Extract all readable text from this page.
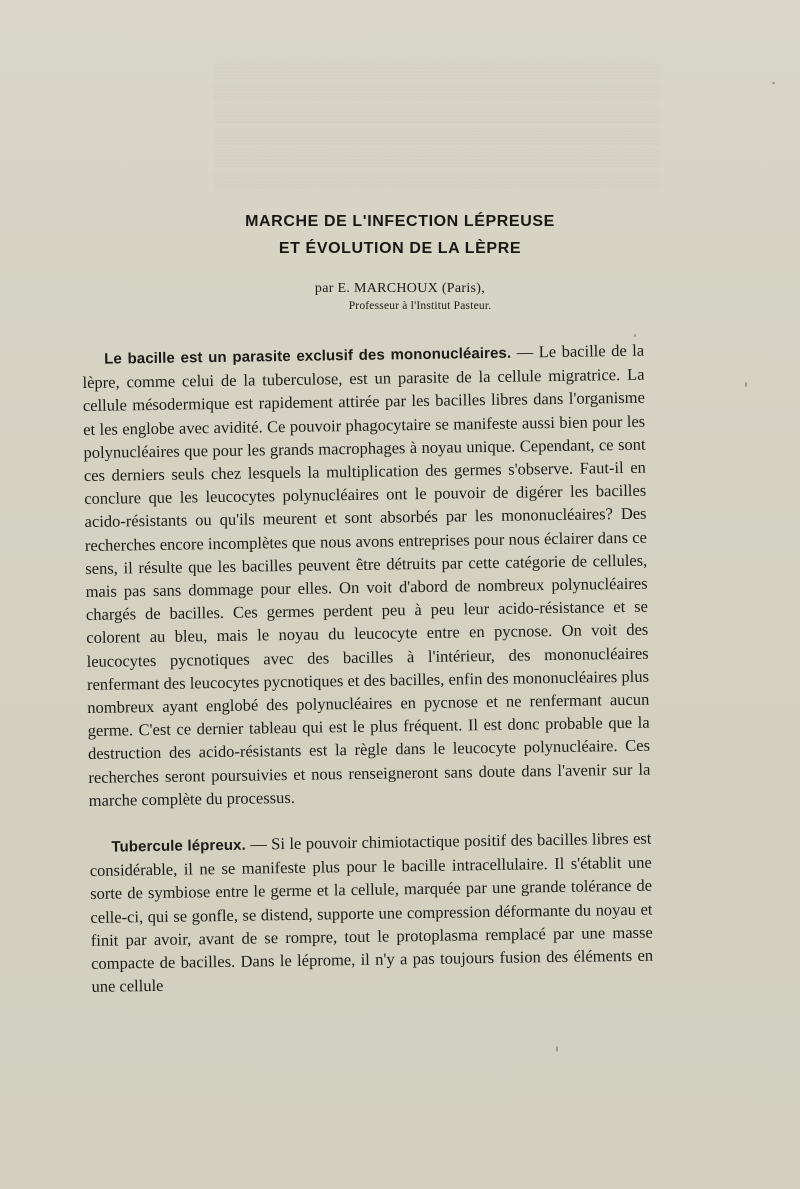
▒▒▒▒▒▒▒▒▒▒▒▒▒▒▒▒▒▒▒▒▒▒▒▒▒▒▒▒▒▒▒▒▒▒▒▒▒▒▒▒▒▒
▒▒▒▒▒▒▒▒▒▒▒▒▒▒▒▒▒▒▒▒▒▒▒▒▒▒▒▒▒▒▒▒▒▒▒▒▒▒▒▒▒▒
▒▒▒▒▒▒▒▒▒▒▒▒▒▒▒▒▒▒▒▒▒▒▒▒▒▒▒▒▒▒▒▒▒▒▒▒▒▒▒▒▒▒
▒▒▒▒▒▒▒▒▒▒▒▒▒▒▒▒▒▒▒▒▒▒▒▒▒▒▒▒▒▒▒▒▒▒▒▒▒▒▒▒▒▒
▒▒▒▒▒▒▒▒▒▒▒▒▒▒▒▒▒▒▒▒▒▒▒▒▒▒▒▒▒▒▒▒▒▒▒▒▒▒▒▒▒▒
▒▒▒▒▒▒▒▒▒▒▒▒▒▒▒▒▒▒▒▒▒▒▒▒▒▒▒▒▒▒▒▒▒▒▒▒▒▒▒▒▒▒
MARCHE DE L'INFECTION LÉPREUSE
ET ÉVOLUTION DE LA LÈPRE
par E. MARCHOUX (Paris),
Professeur à l'Institut Pasteur.

Le bacille est un parasite exclusif des mononucléaires. — Le bacille de la lèpre, comme celui de la tuberculose, est un parasite de la cellule migratrice. La cellule mésodermique est rapidement attirée par les bacilles libres dans l'organisme et les englobe avec avidité. Ce pouvoir phagocytaire se manifeste aussi bien pour les polynucléaires que pour les grands macrophages à noyau unique. Cependant, ce sont ces derniers seuls chez lesquels la multiplication des germes s'observe. Faut-il en conclure que les leucocytes polynucléaires ont le pouvoir de digérer les bacilles acido-résistants ou qu'ils meurent et sont absorbés par les mononucléaires? Des recherches encore incomplètes que nous avons entreprises pour nous éclairer dans ce sens, il résulte que les bacilles peuvent être détruits par cette catégorie de cellules, mais pas sans dommage pour elles. On voit d'abord de nombreux polynucléaires chargés de bacilles. Ces germes perdent peu à peu leur acido-résistance et se colorent au bleu, mais le noyau du leucocyte entre en pycnose. On voit des leucocytes pycnotiques avec des bacilles à l'intérieur, des mononucléaires renfermant des leucocytes pycnotiques et des bacilles, enfin des mononucléaires plus nombreux ayant englobé des polynucléaires en pycnose et ne renfermant aucun germe. C'est ce dernier tableau qui est le plus fréquent. Il est donc probable que la destruction des acido-résistants est la règle dans le leucocyte polynucléaire. Ces recherches seront poursuivies et nous renseigneront sans doute dans l'avenir sur la marche complète du processus.

Tubercule lépreux. — Si le pouvoir chimiotactique positif des bacilles libres est considérable, il ne se manifeste plus pour le bacille intracellulaire. Il s'établit une sorte de symbiose entre le germe et la cellule, marquée par une grande tolérance de celle-ci, qui se gonfle, se distend, supporte une compression déformante du noyau et finit par avoir, avant de se rompre, tout le protoplasma remplacé par une masse compacte de bacilles. Dans le léprome, il n'y a pas toujours fusion des éléments en une cellule
